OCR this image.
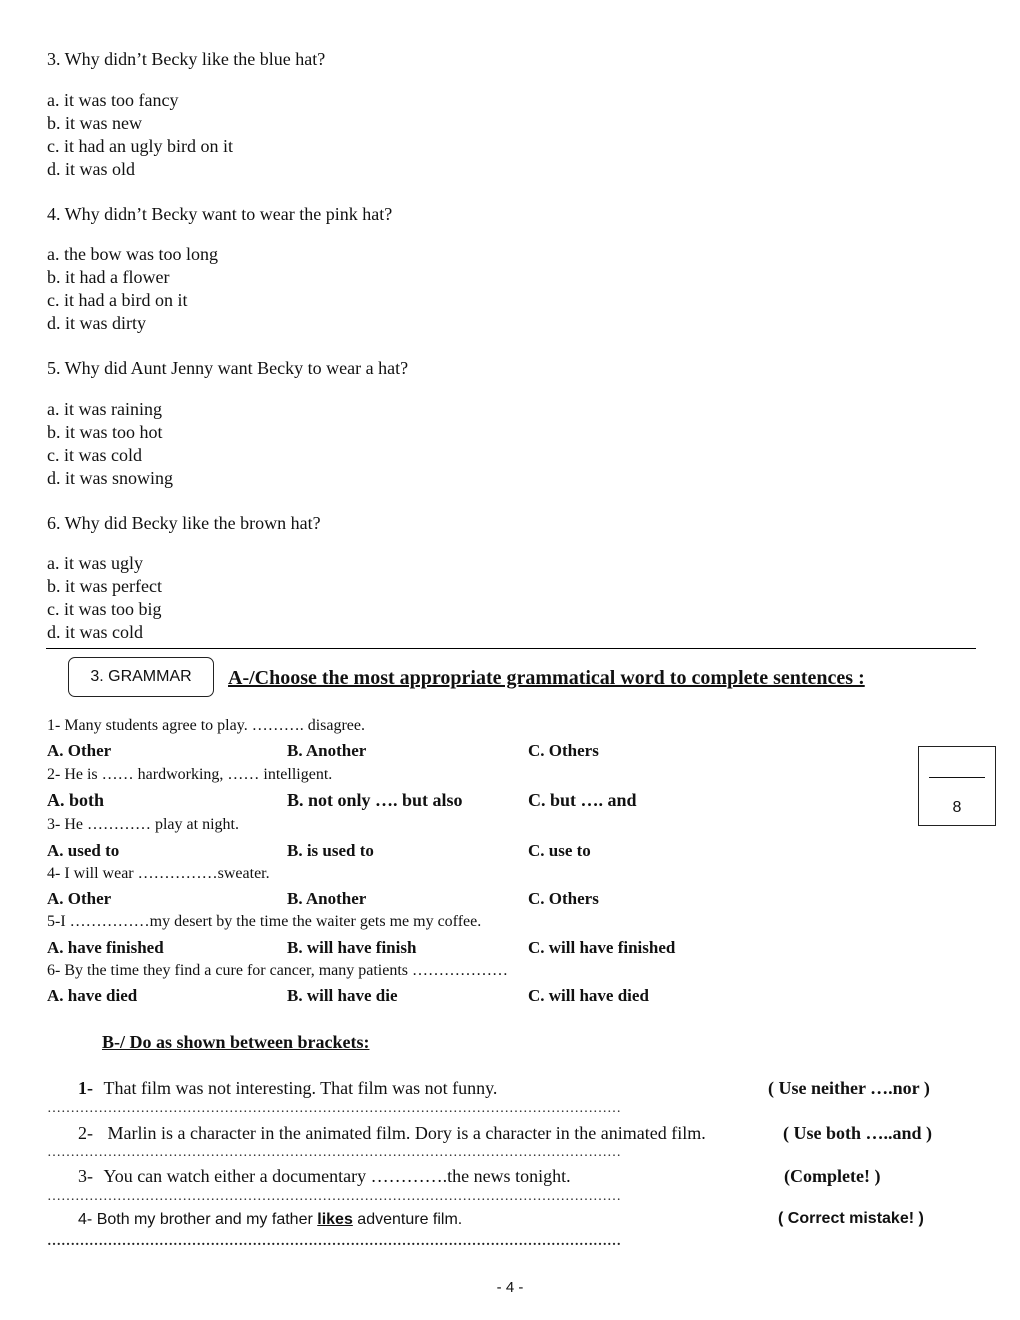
3. Why didn’t Becky like the blue hat?
a. it was too fancy
b. it was new
c. it had an ugly bird on it
d. it was old
4. Why didn’t Becky want to wear the pink hat?
a. the bow was too long
b. it had a flower
c. it had a bird on it
d. it was dirty
5. Why did Aunt Jenny want Becky to wear a hat?
a. it was raining
b. it was too hot
c. it was cold
d. it was snowing
6. Why did Becky like the brown hat?
a. it was ugly
b. it was perfect
c. it was too big
d. it was cold
3. GRAMMAR	A-/Choose the most appropriate grammatical word to complete sentences :
1- Many students agree to play. ………. disagree.
A. Other	B. Another	C. Others
2- He is …… hardworking, …… intelligent.
A. both	B. not only …. but also	C. but …. and
3- He ………… play at night.
A. used to	B. is used to	C. use to
4- I will wear ……………sweater.
A. Other	B. Another	C. Others
5-I ……………my desert by the time the waiter gets me my coffee.
A. have finished	B. will have finish	C. will have finished
6- By the time they find a cure for cancer, many patients ………………
A. have died	B. will have die	C. will have died
8
B-/ Do as shown between brackets:
1- That film was not interesting. That film was not funny.	( Use neither ….nor )
……………………………………………………………………………………………………………
2- Marlin is a character in the animated film. Dory is a character in the animated film.	( Use both …..and )
……………………………………………………………………………………………………………
3- You can watch either a documentary ………….the news tonight.	(Complete! )
……………………………………………………………………………………………………………
4- Both my brother and my father likes adventure film.	( Correct mistake! )
……………………………………………………………………………………………………………
- 4 -
